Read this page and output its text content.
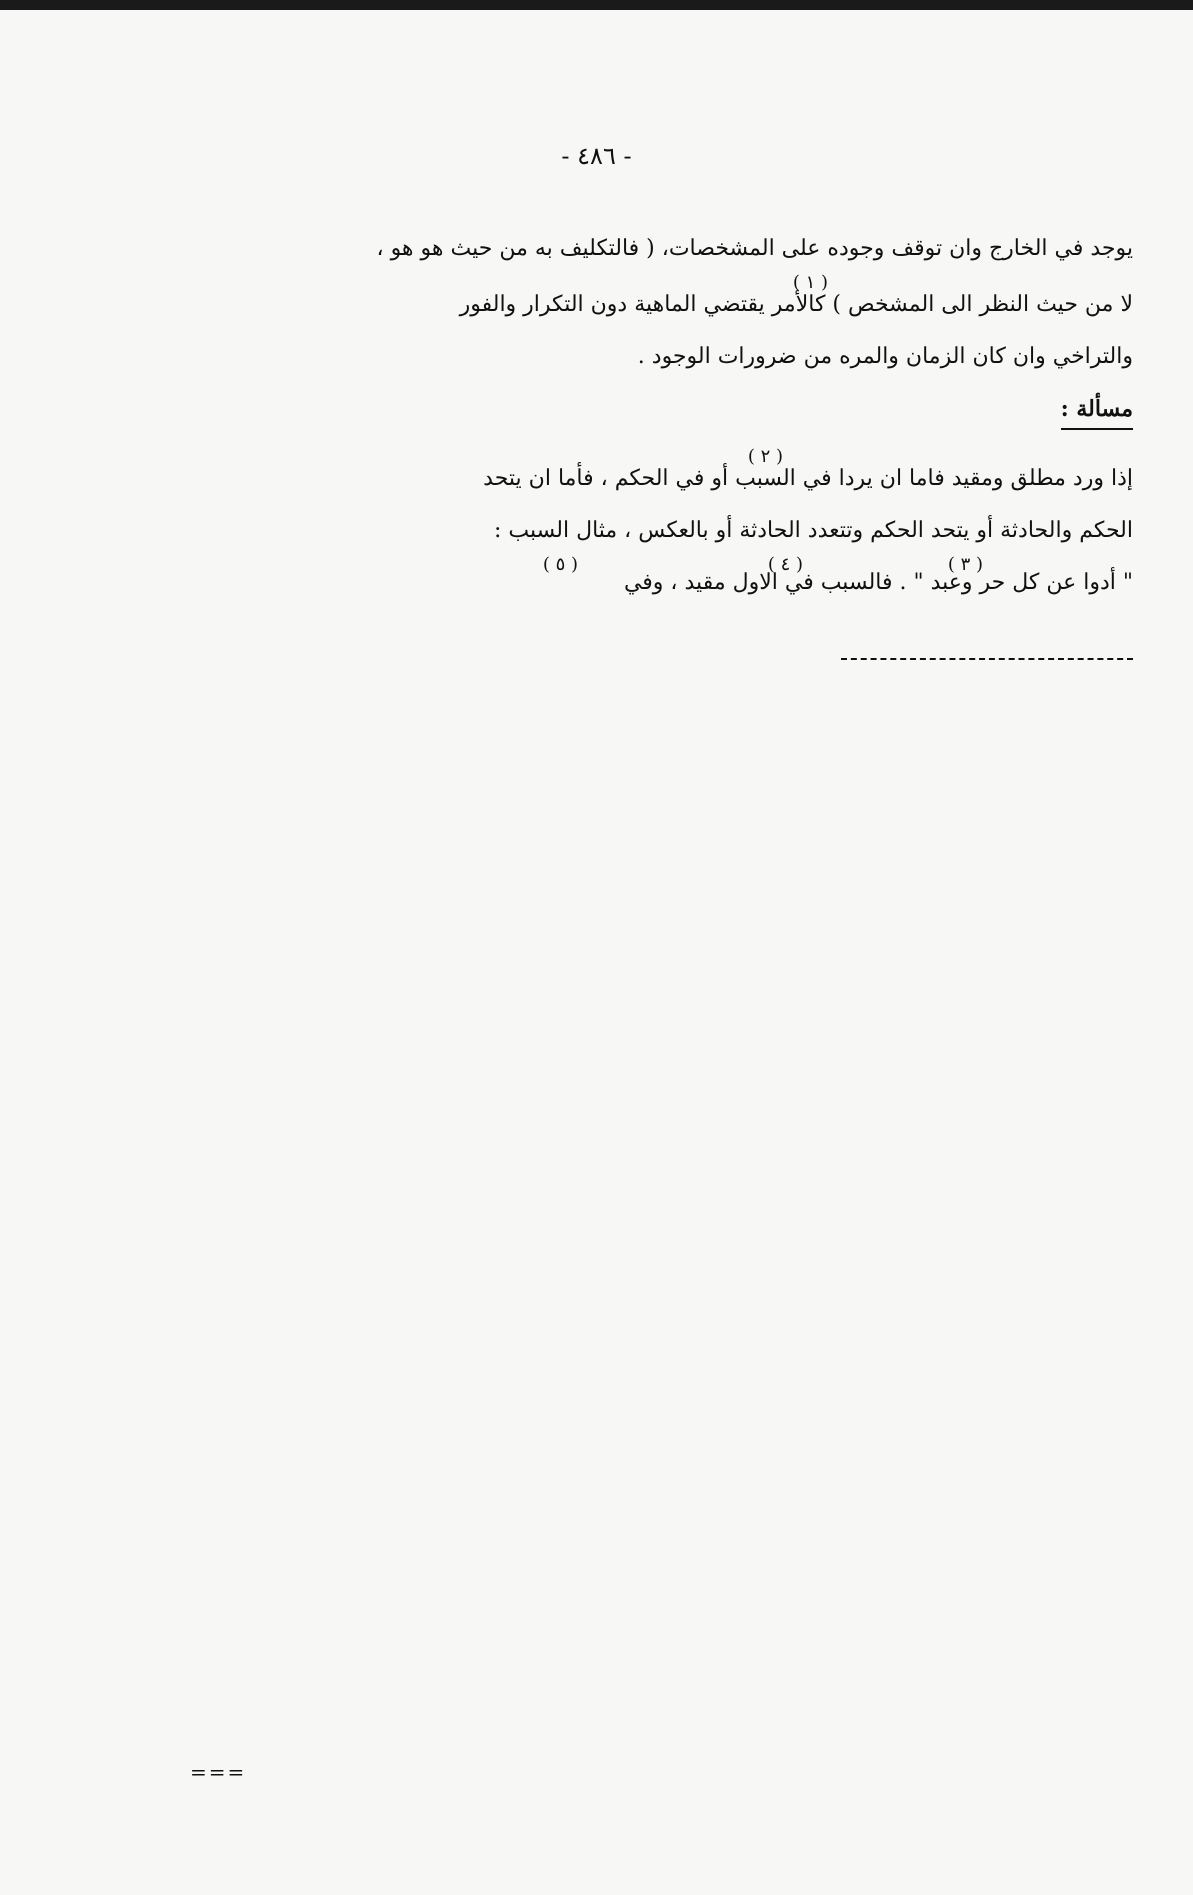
- ٤٨٦ -
يوجد في الخارج وان توقف وجوده على المشخصات، ( فالتكليف به من حيث هو هو ،
لا من حيث النظر الى المشخص ) كالأمر يقتضي الماهية دون التكرار والفور
والتراخي وان كان الزمان والمره من ضرورات الوجود .
$^{( ١ )}$
مسألة :
إذا ورد مطلق ومقيد فاما ان يردا في السبب أو في الحكم ، فأما ان يتحد
الحكم والحادثة أو يتحد الحكم وتتعدد الحادثة أو بالعكس ، مثال السبب :
" أدوا عن كل حر وعبد " . فالسبب في الاول مقيد ، وفي
$^{( ٢ )}$
$^{( ٣ )}$
$^{( ٤ )}$
$^{( ٥ )}$
===
